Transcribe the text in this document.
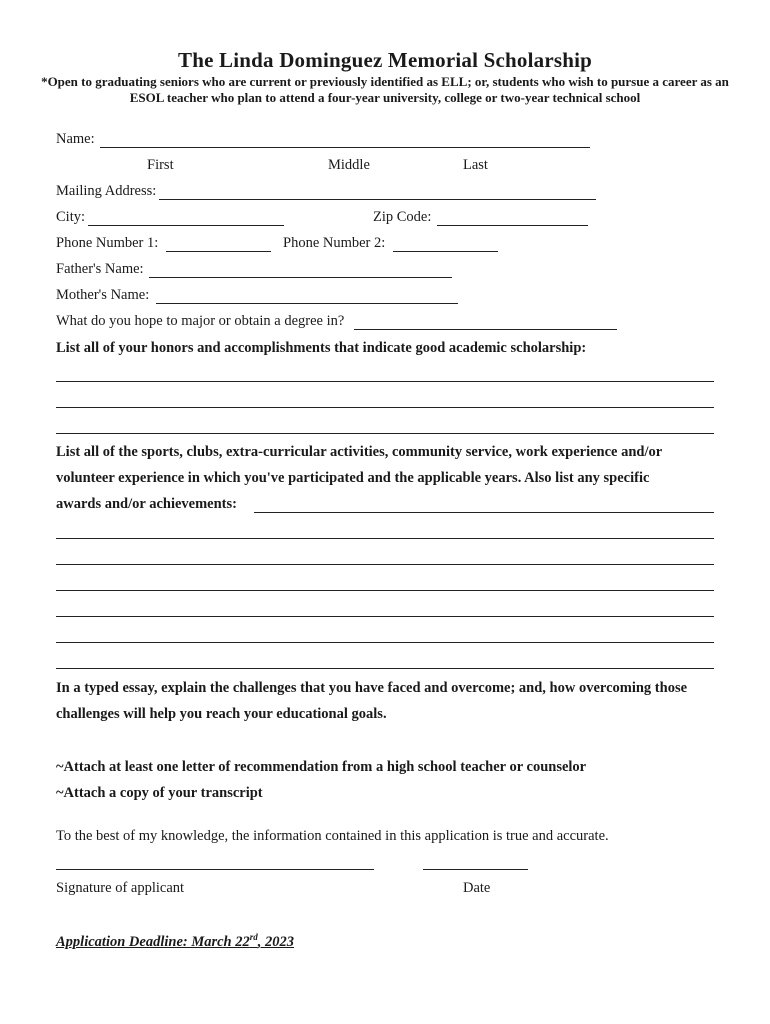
The Linda Dominguez Memorial Scholarship
*Open to graduating seniors who are current or previously identified as ELL; or, students who wish to pursue a career as an ESOL teacher who plan to attend a four-year university, college or two-year technical school
Name:
First	Middle	Last
Mailing Address:
City:	Zip Code:
Phone Number 1:	Phone Number 2:
Father's Name:
Mother's Name:
What do you hope to major or obtain a degree in?
List all of your honors and accomplishments that indicate good academic scholarship:
List all of the sports, clubs, extra-curricular activities, community service, work experience and/or
volunteer experience in which you've participated and the applicable years. Also list any specific
awards and/or achievements:
In a typed essay, explain the challenges that you have faced and overcome; and, how overcoming those
challenges will help you reach your educational goals.
~Attach at least one letter of recommendation from a high school teacher or counselor
~Attach a copy of your transcript
To the best of my knowledge, the information contained in this application is true and accurate.
Signature of applicant	Date
Application Deadline: March 22rd, 2023
